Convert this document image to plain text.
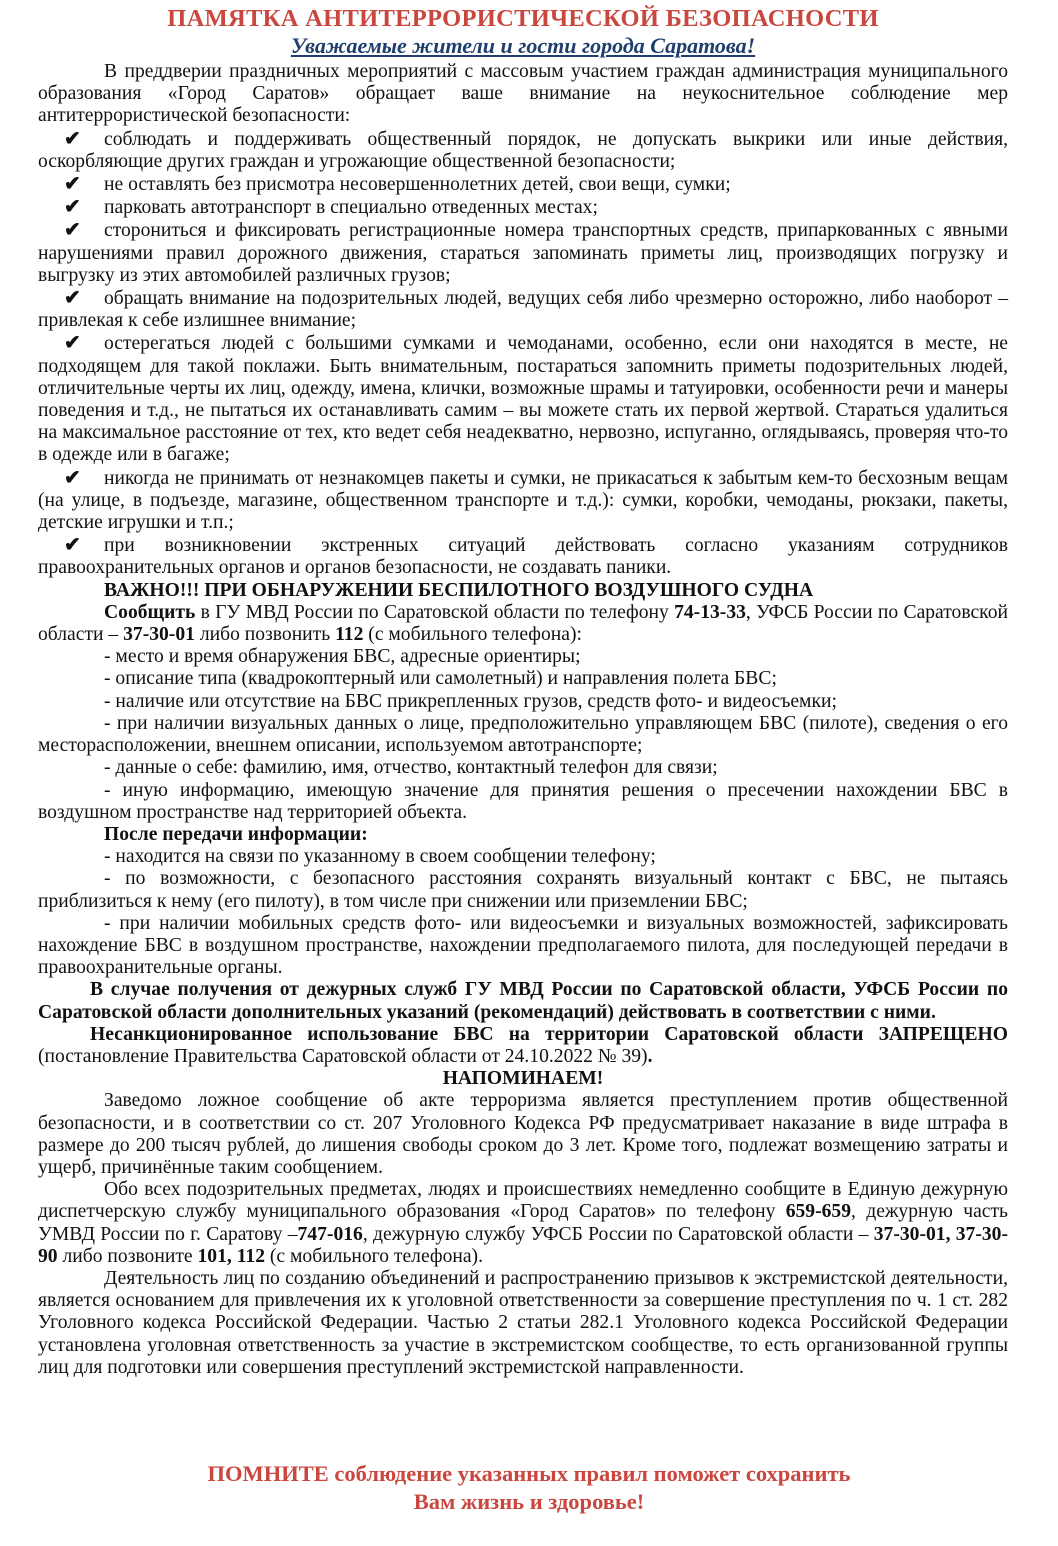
ПАМЯТКА АНТИТЕРРОРИСТИЧЕСКОЙ БЕЗОПАСНОСТИ
Уважаемые жители и гости города Саратова!

В преддверии праздничных мероприятий с массовым участием граждан администрация муниципального образования «Город Саратов» обращает ваше внимание на неукоснительное соблюдение мер антитеррористической безопасности:

✔ соблюдать и поддерживать общественный порядок, не допускать выкрики или иные действия, оскорбляющие других граждан и угрожающие общественной безопасности;

✔ не оставлять без присмотра несовершеннолетних детей, свои вещи, сумки;

✔ парковать автотранспорт в специально отведенных местах;

✔ сторониться и фиксировать регистрационные номера транспортных средств, припаркованных с явными нарушениями правил дорожного движения, стараться запоминать приметы лиц, производящих погрузку и выгрузку из этих автомобилей различных грузов;

✔ обращать внимание на подозрительных людей, ведущих себя либо чрезмерно осторожно, либо наоборот – привлекая к себе излишнее внимание;

✔ остерегаться людей с большими сумками и чемоданами, особенно, если они находятся в месте, не подходящем для такой поклажи. Быть внимательным, постараться запомнить приметы подозрительных людей, отличительные черты их лиц, одежду, имена, клички, возможные шрамы и татуировки, особенности речи и манеры поведения и т.д., не пытаться их останавливать самим – вы можете стать их первой жертвой. Стараться удалиться на максимальное расстояние от тех, кто ведет себя неадекватно, нервозно, испуганно, оглядываясь, проверяя что-то в одежде или в багаже;

✔ никогда не принимать от незнакомцев пакеты и сумки, не прикасаться к забытым кем-то бесхозным вещам (на улице, в подъезде, магазине, общественном транспорте и т.д.): сумки, коробки, чемоданы, рюкзаки, пакеты, детские игрушки и т.п.;

✔ при возникновении экстренных ситуаций действовать согласно указаниям сотрудников правоохранительных органов и органов безопасности, не создавать паники.

ВАЖНО!!! ПРИ ОБНАРУЖЕНИИ БЕСПИЛОТНОГО ВОЗДУШНОГО СУДНА

Сообщить в ГУ МВД России по Саратовской области по телефону 74-13-33, УФСБ России по Саратовской области – 37-30-01 либо позвонить 112 (с мобильного телефона):

- место и время обнаружения БВС, адресные ориентиры;

- описание типа (квадрокоптерный или самолетный) и направления полета БВС;

- наличие или отсутствие на БВС прикрепленных грузов, средств фото- и видеосъемки;

- при наличии визуальных данных о лице, предположительно управляющем БВС (пилоте), сведения о его месторасположении, внешнем описании, используемом автотранспорте;

- данные о себе: фамилию, имя, отчество, контактный телефон для связи;

- иную информацию, имеющую значение для принятия решения о пресечении нахождении БВС в воздушном пространстве над территорией объекта.

После передачи информации:

- находится на связи по указанному в своем сообщении телефону;

- по возможности, с безопасного расстояния сохранять визуальный контакт с БВС, не пытаясь приблизиться к нему (его пилоту), в том числе при снижении или приземлении БВС;

- при наличии мобильных средств фото- или видеосъемки и визуальных возможностей, зафиксировать нахождение БВС в воздушном пространстве, нахождении предполагаемого пилота, для последующей передачи в правоохранительные органы.

В случае получения от дежурных служб ГУ МВД России по Саратовской области, УФСБ России по Саратовской области дополнительных указаний (рекомендаций) действовать в соответствии с ними.

Несанкционированное использование БВС на территории Саратовской области ЗАПРЕЩЕНО (постановление Правительства Саратовской области от 24.10.2022 № 39).

НАПОМИНАЕМ!

Заведомо ложное сообщение об акте терроризма является преступлением против общественной безопасности, и в соответствии со ст. 207 Уголовного Кодекса РФ предусматривает наказание в виде штрафа в размере до 200 тысяч рублей, до лишения свободы сроком до 3 лет. Кроме того, подлежат возмещению затраты и ущерб, причинённые таким сообщением.

Обо всех подозрительных предметах, людях и происшествиях немедленно сообщите в Единую дежурную диспетчерскую службу муниципального образования «Город Саратов» по телефону 659-659, дежурную часть УМВД России по г. Саратову –747-016, дежурную службу УФСБ России по Саратовской области – 37-30-01, 37-30-90 либо позвоните 101, 112 (с мобильного телефона).

Деятельность лиц по созданию объединений и распространению призывов к экстремистской деятельности, является основанием для привлечения их к уголовной ответственности за совершение преступления по ч. 1 ст. 282 Уголовного кодекса Российской Федерации. Частью 2 статьи 282.1 Уголовного кодекса Российской Федерации установлена уголовная ответственность за участие в экстремистском сообществе, то есть организованной группы лиц для подготовки или совершения преступлений экстремистской направленности.

ПОМНИТЕ соблюдение указанных правил поможет сохранить
Вам жизнь и здоровье!
